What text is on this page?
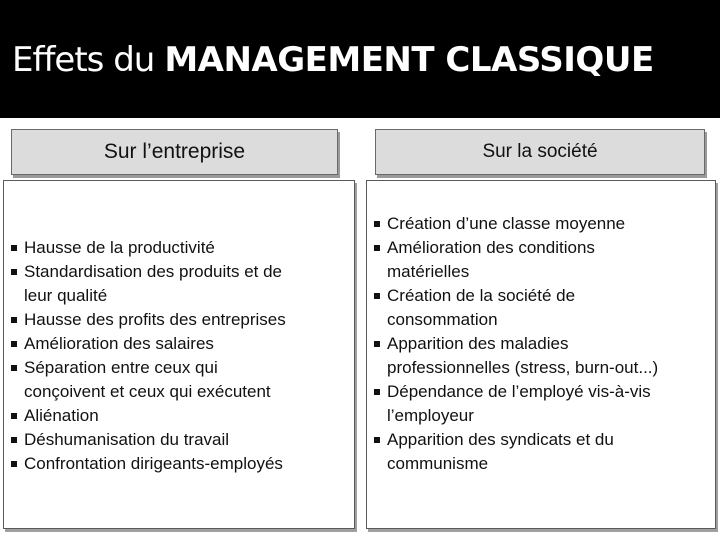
Effets du MANAGEMENT CLASSIQUE
Sur l’entreprise	Sur la société
Hausse de la productivité
Standardisation des produits et de
leur qualité
Hausse des profits des entreprises
Amélioration des salaires
Séparation entre ceux qui
conçoivent et ceux qui exécutent
Aliénation
Déshumanisation du travail
Confrontation dirigeants-employés
Création d’une classe moyenne
Amélioration des conditions
matérielles
Création de la société de
consommation
Apparition des maladies
professionnelles (stress, burn-out...)
Dépendance de l’employé vis-à-vis
l’employeur
Apparition des syndicats et du
communisme
